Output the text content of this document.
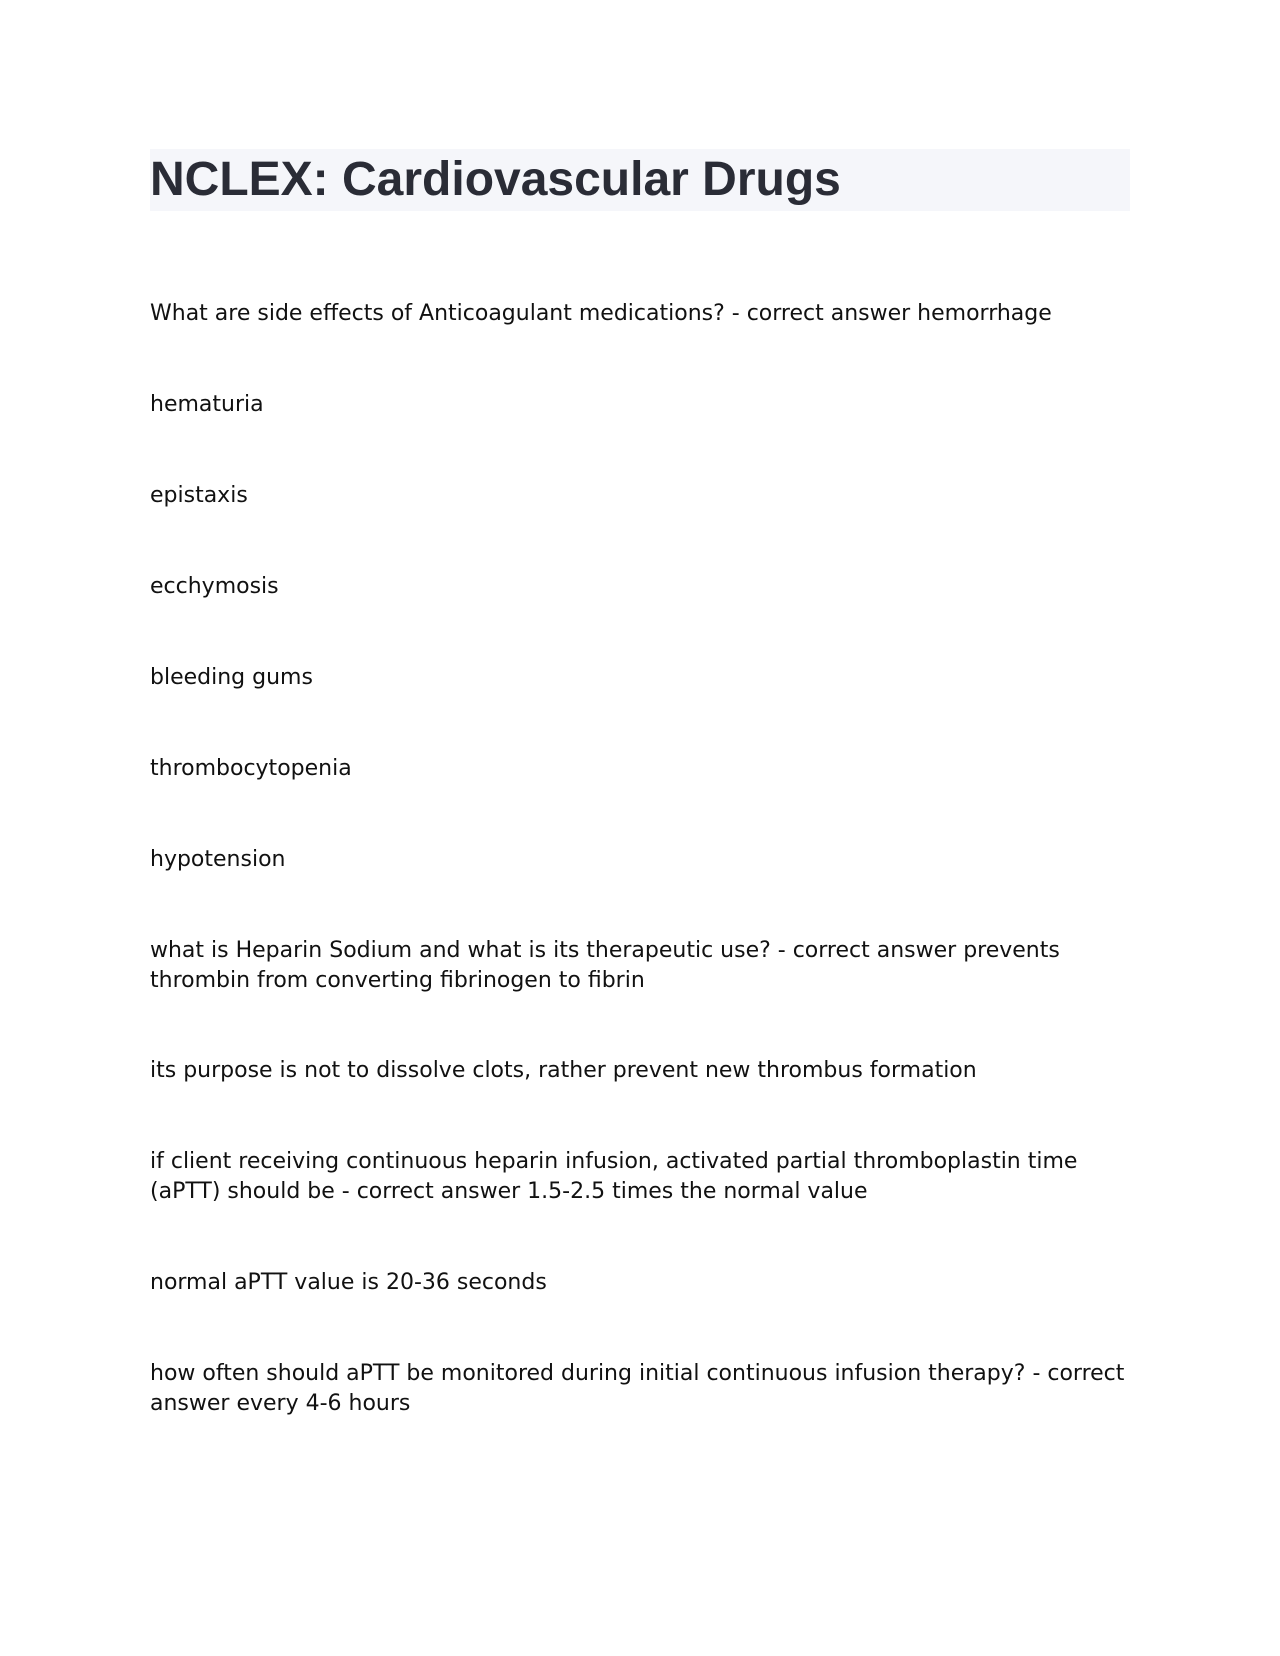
NCLEX: Cardiovascular Drugs

What are side effects of Anticoagulant medications? - correct answer hemorrhage

hematuria

epistaxis

ecchymosis

bleeding gums

thrombocytopenia

hypotension

what is Heparin Sodium and what is its therapeutic use? - correct answer prevents thrombin from converting fibrinogen to fibrin

its purpose is not to dissolve clots, rather prevent new thrombus formation

if client receiving continuous heparin infusion, activated partial thromboplastin time (aPTT) should be - correct answer 1.5-2.5 times the normal value

normal aPTT value is 20-36 seconds

how often should aPTT be monitored during initial continuous infusion therapy? - correct answer every 4-6 hours
